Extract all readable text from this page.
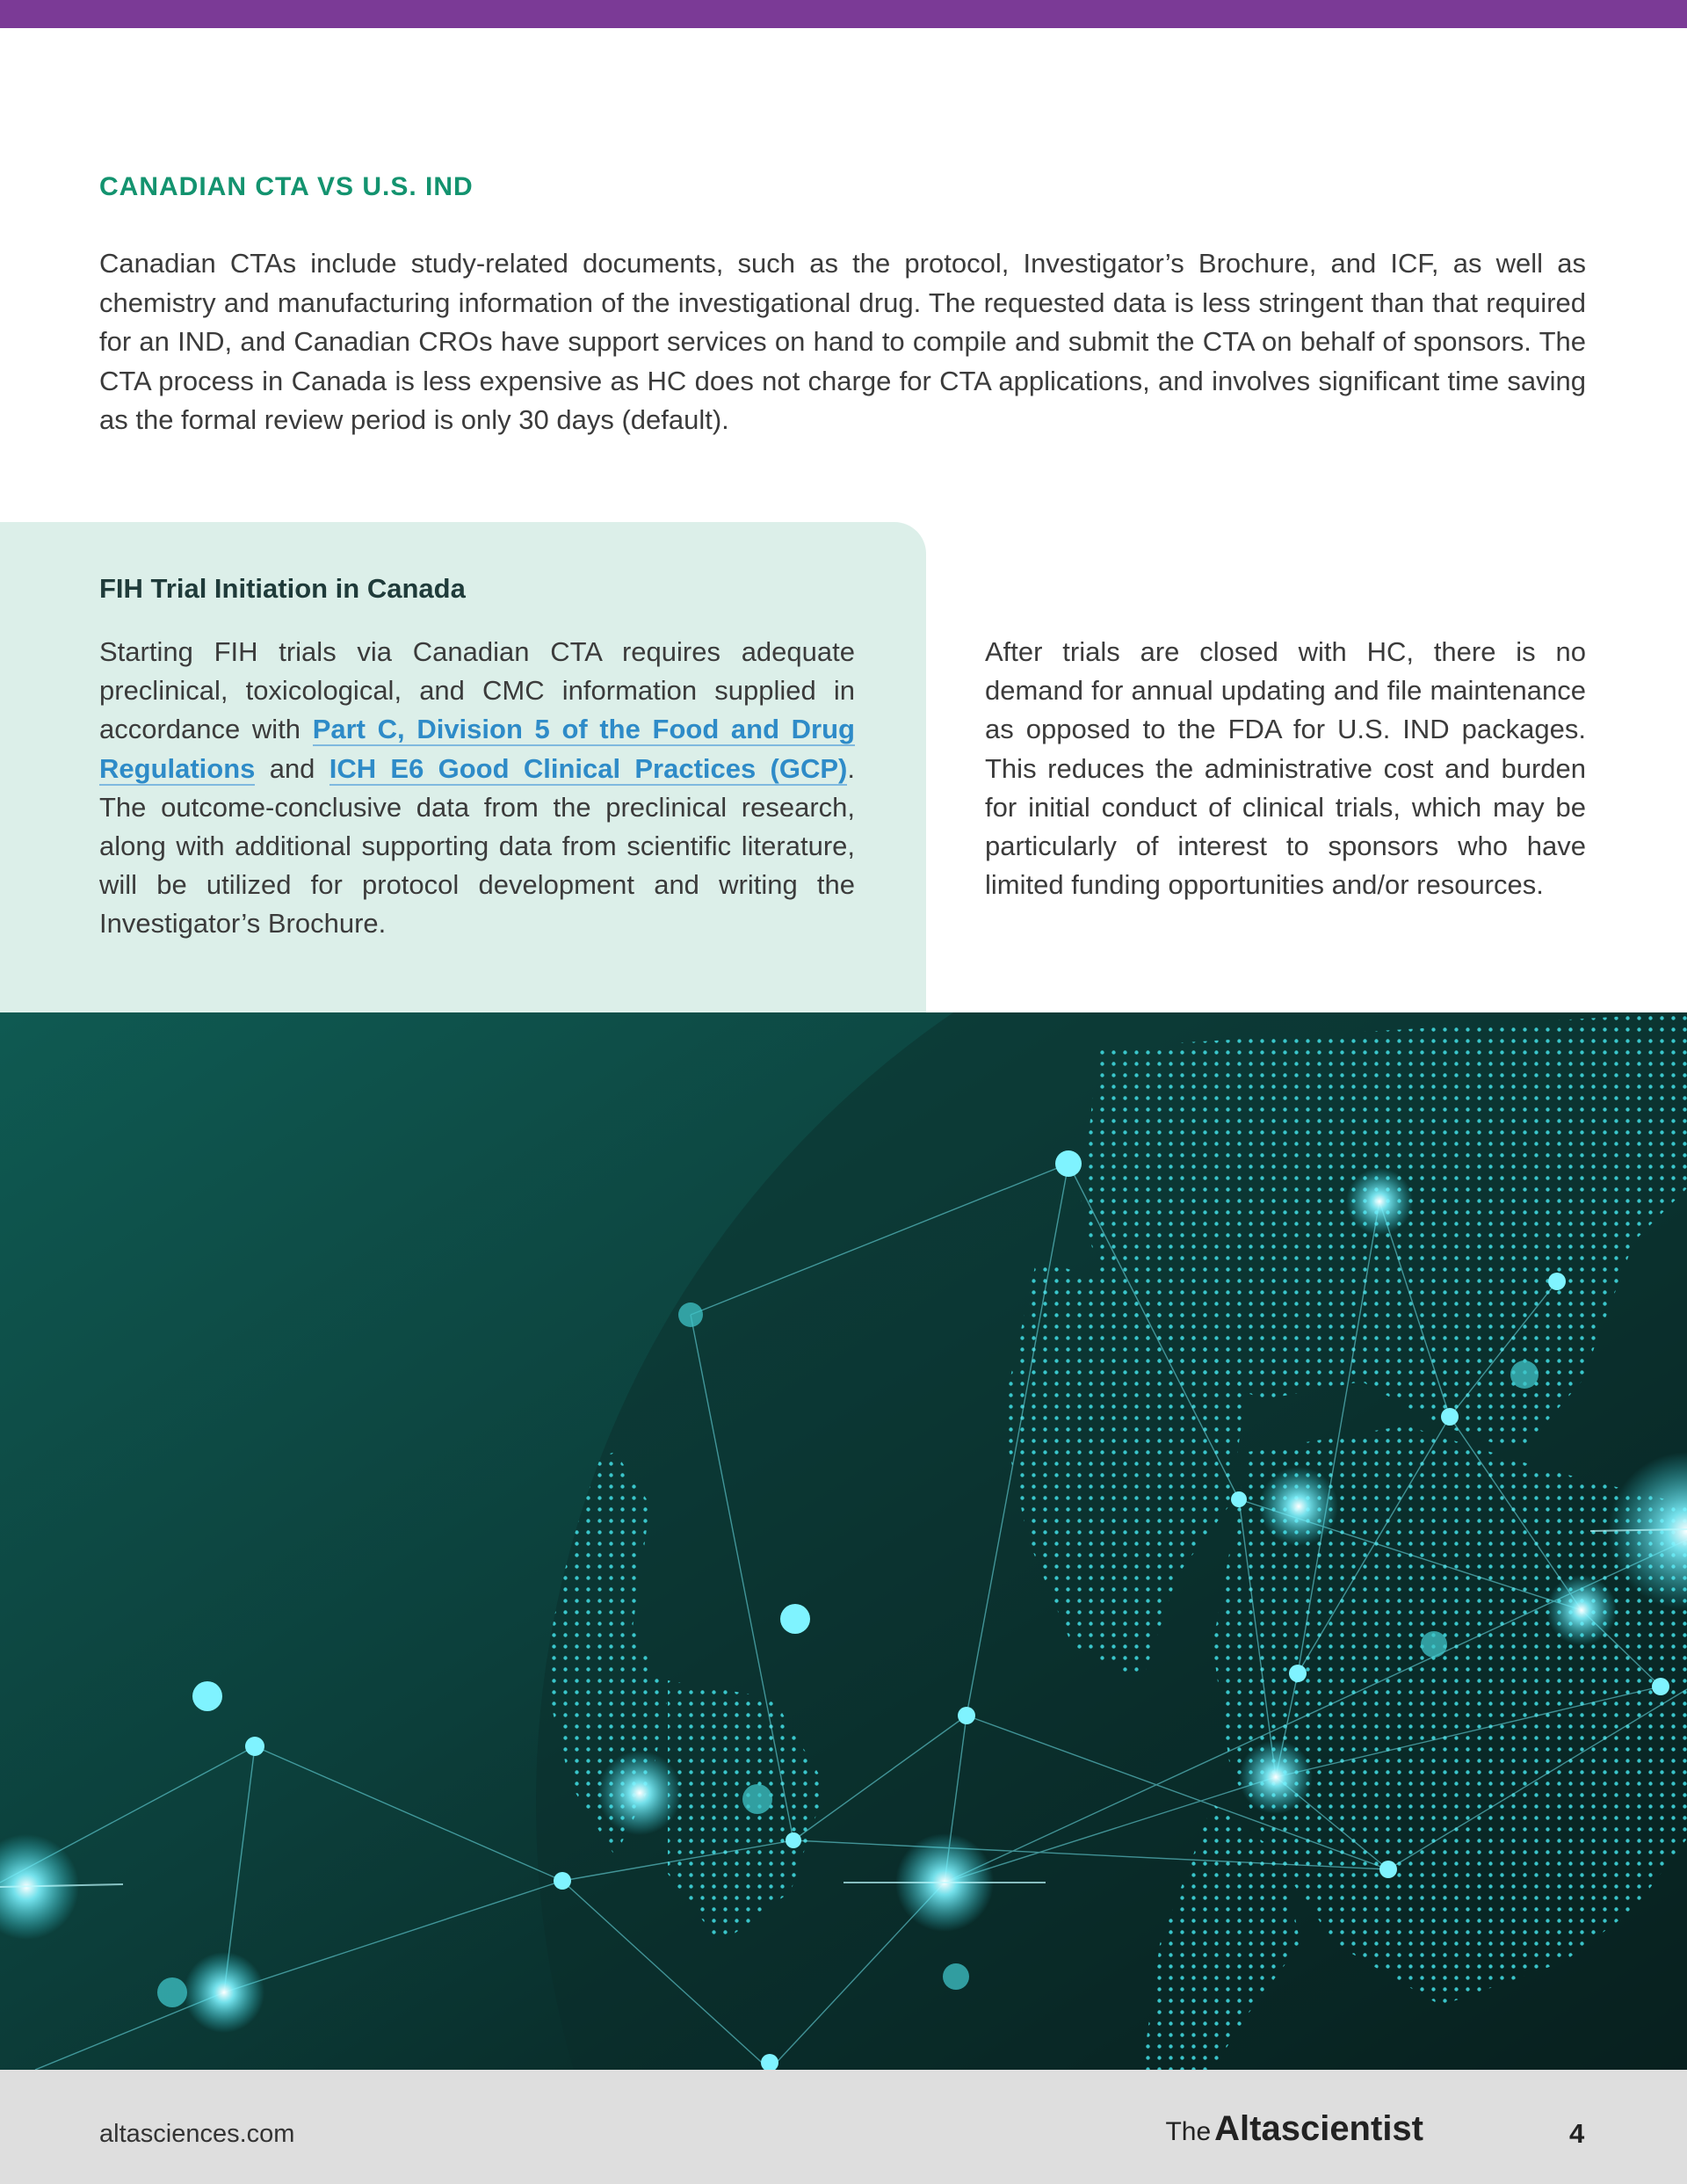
CANADIAN CTA VS U.S. IND

Canadian CTAs include study-related documents, such as the protocol, Investigator’s Brochure, and ICF, as well as chemistry and manufacturing information of the investigational drug. The requested data is less stringent than that required for an IND, and Canadian CROs have support services on hand to compile and submit the CTA on behalf of sponsors. The CTA process in Canada is less expensive as HC does not charge for CTA applications, and involves significant time saving as the formal review period is only 30 days (default).

FIH Trial Initiation in Canada

Starting FIH trials via Canadian CTA requires adequate preclinical, toxicological, and CMC information supplied in accordance with Part C, Division 5 of the Food and Drug Regulations and ICH E6 Good Clinical Practices (GCP). The outcome-conclusive data from the preclinical research, along with additional supporting data from scientific literature, will be utilized for protocol development and writing the Investigator’s Brochure.

After trials are closed with HC, there is no demand for annual updating and file maintenance as opposed to the FDA for U.S. IND packages. This reduces the administrative cost and burden for initial conduct of clinical trials, which may be particularly of interest to sponsors who have limited funding opportunities and/or resources.

altasciences.com	The Altascientist	4
